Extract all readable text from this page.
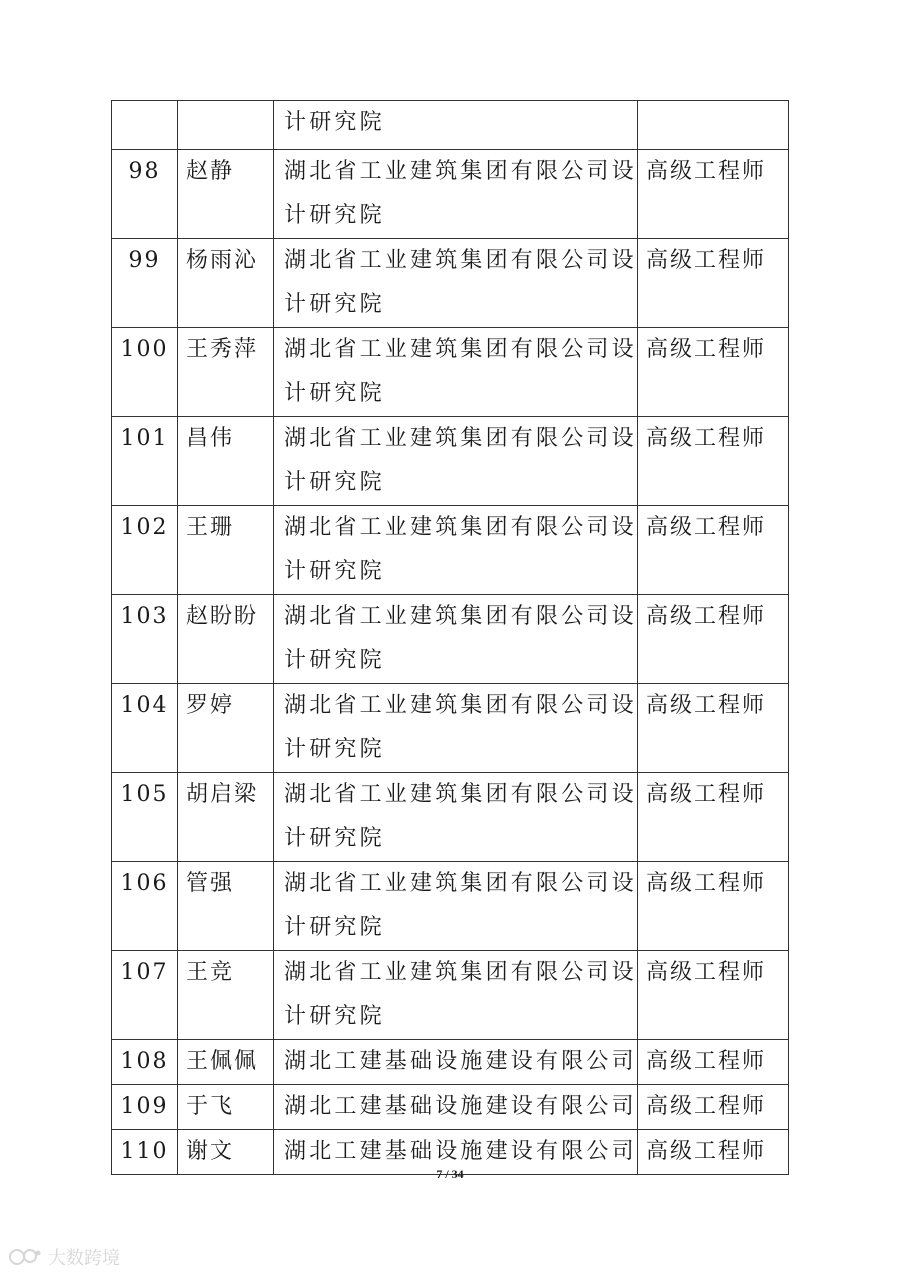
		计研究院	
98	赵静	湖北省工业建筑集团有限公司设计研究院	高级工程师
99	杨雨沁	湖北省工业建筑集团有限公司设计研究院	高级工程师
100	王秀萍	湖北省工业建筑集团有限公司设计研究院	高级工程师
101	昌伟	湖北省工业建筑集团有限公司设计研究院	高级工程师
102	王珊	湖北省工业建筑集团有限公司设计研究院	高级工程师
103	赵盼盼	湖北省工业建筑集团有限公司设计研究院	高级工程师
104	罗婷	湖北省工业建筑集团有限公司设计研究院	高级工程师
105	胡启梁	湖北省工业建筑集团有限公司设计研究院	高级工程师
106	管强	湖北省工业建筑集团有限公司设计研究院	高级工程师
107	王竞	湖北省工业建筑集团有限公司设计研究院	高级工程师
108	王佩佩	湖北工建基础设施建设有限公司	高级工程师
109	于飞	湖北工建基础设施建设有限公司	高级工程师
110	谢文	湖北工建基础设施建设有限公司	高级工程师
7 / 34
大数跨境
